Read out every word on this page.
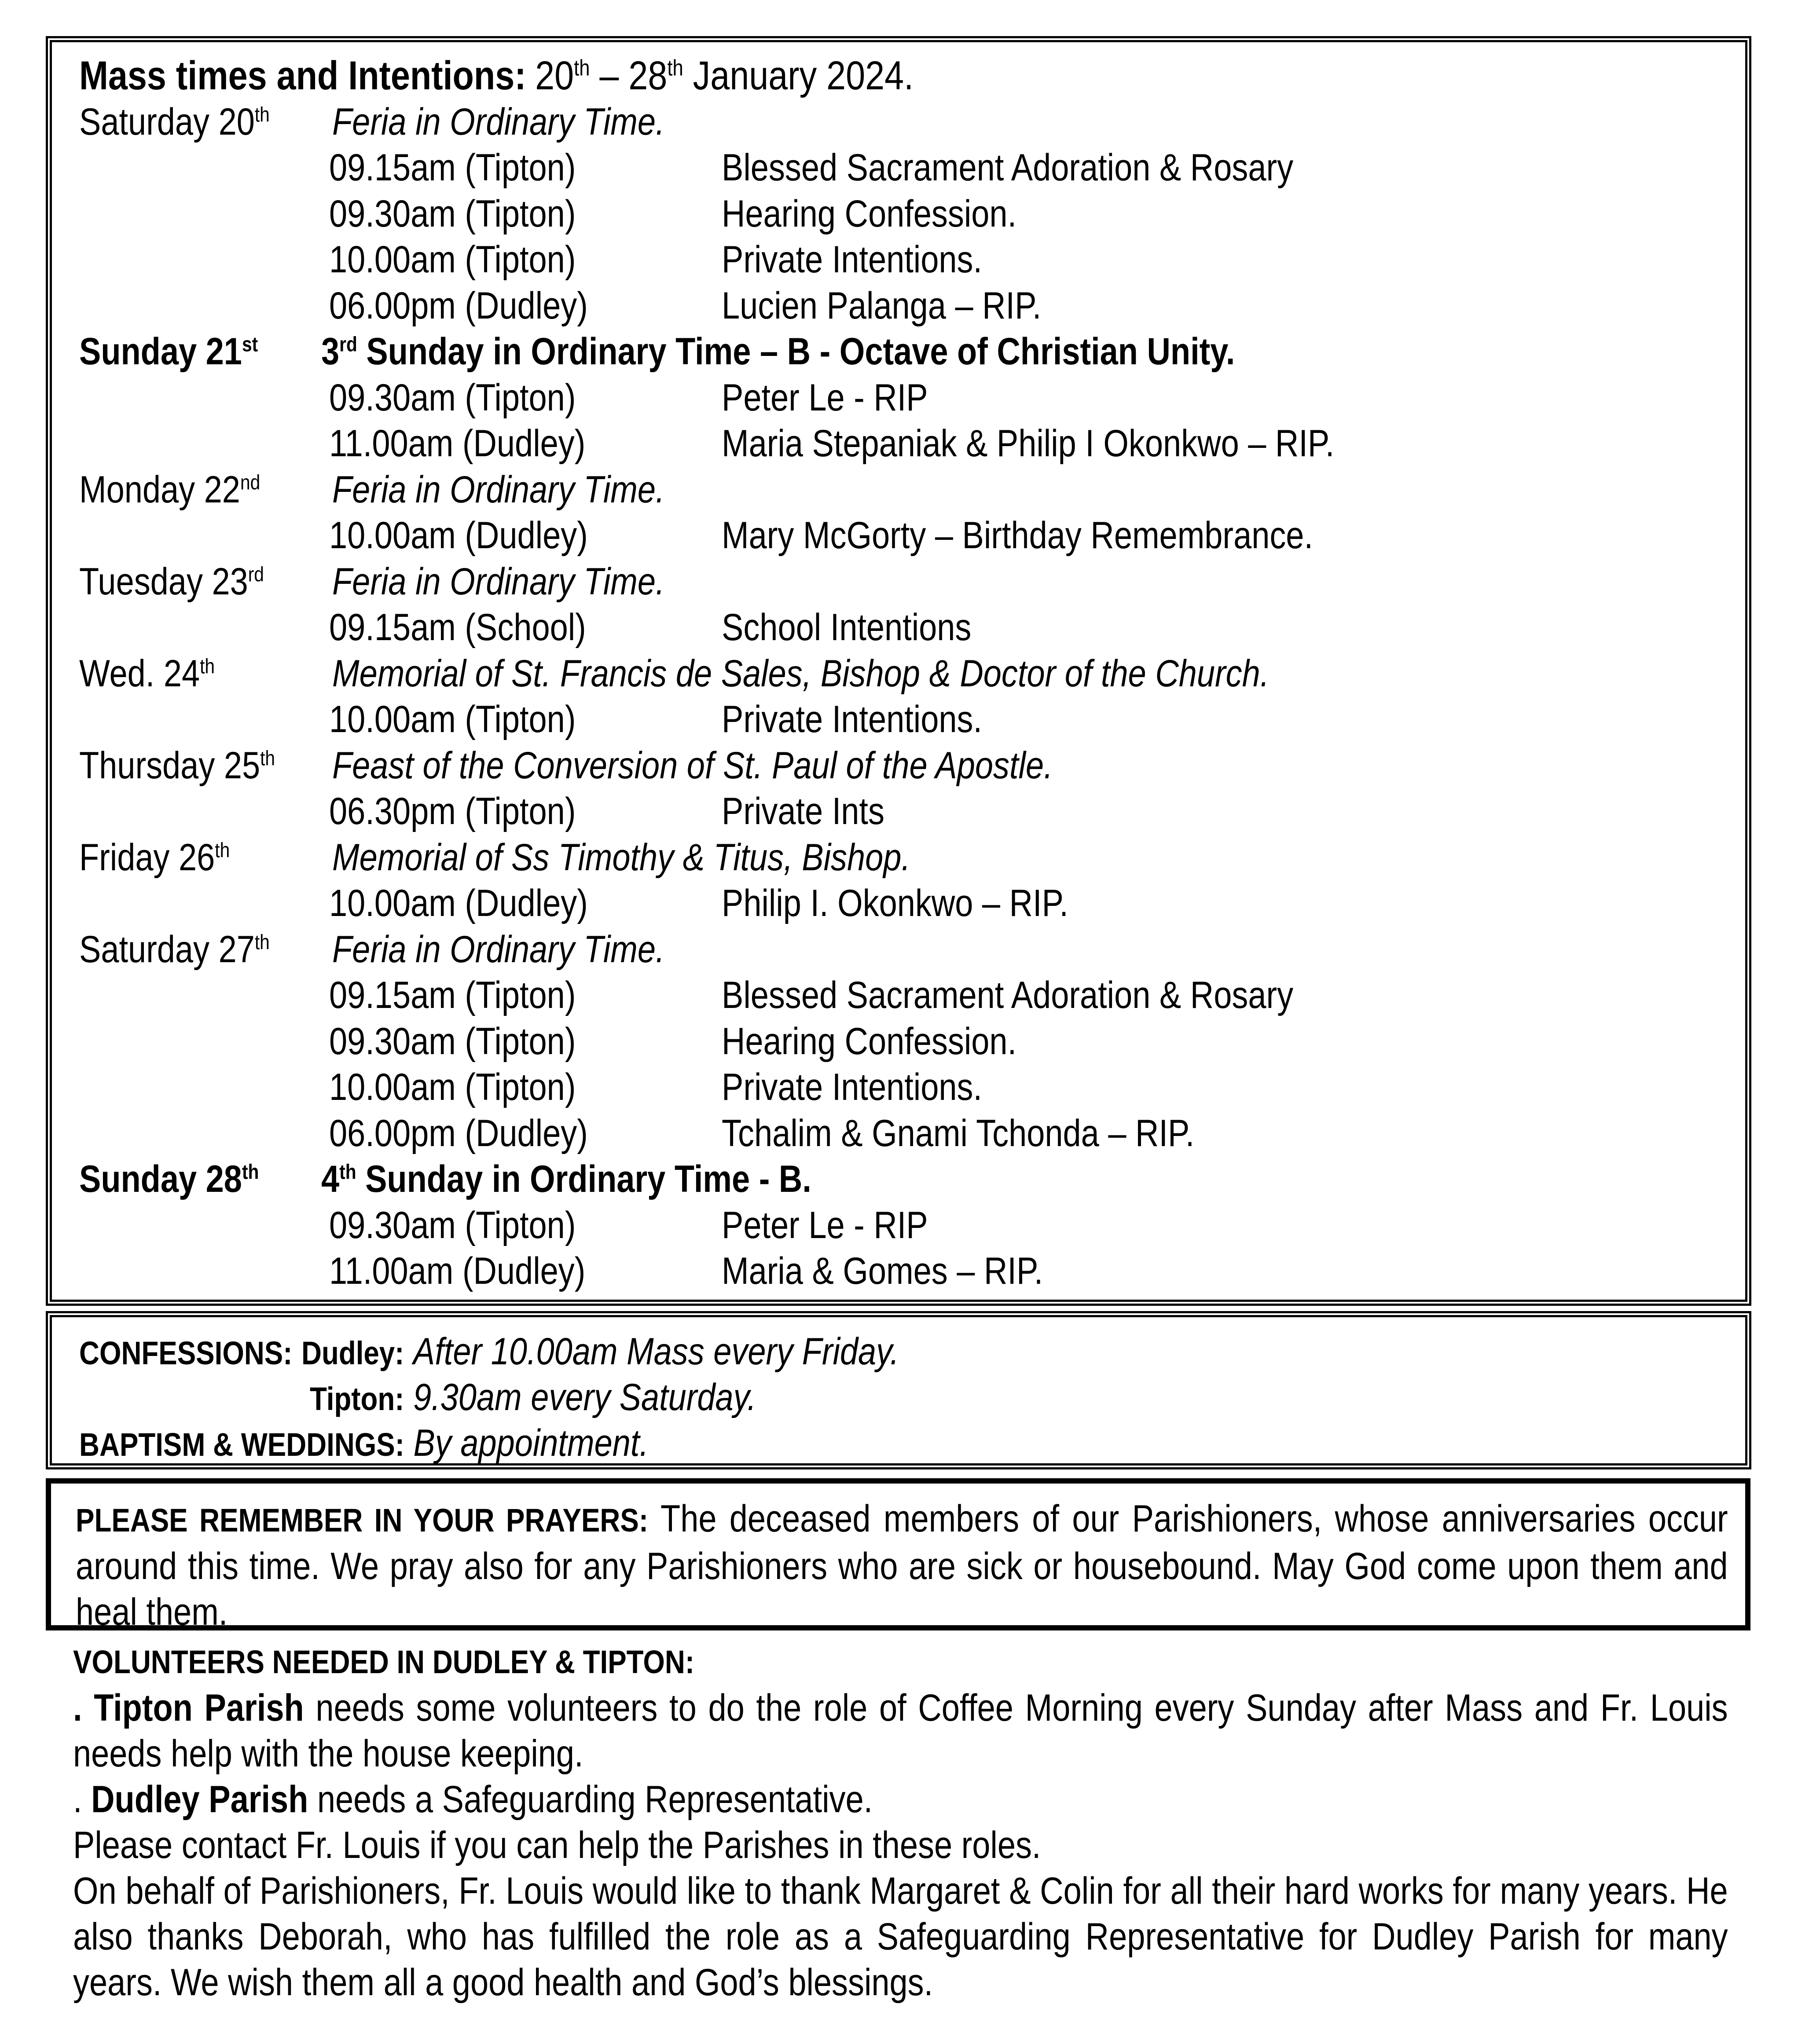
Mass times and Intentions: 20th – 28th January 2024.
Saturday 20th	Feria in Ordinary Time.
09.15am (Tipton)	Blessed Sacrament Adoration & Rosary
09.30am (Tipton)	Hearing Confession.
10.00am (Tipton)	Private Intentions.
06.00pm (Dudley)	Lucien Palanga – RIP.
Sunday 21st	3rd Sunday in Ordinary Time – B - Octave of Christian Unity.
09.30am (Tipton)	Peter Le - RIP
11.00am (Dudley)	Maria Stepaniak & Philip I Okonkwo – RIP.
Monday 22nd	Feria in Ordinary Time.
10.00am (Dudley)	Mary McGorty – Birthday Remembrance.
Tuesday 23rd	Feria in Ordinary Time.
09.15am (School)	School Intentions
Wed. 24th	Memorial of St. Francis de Sales, Bishop & Doctor of the Church.
10.00am (Tipton)	Private Intentions.
Thursday 25th	Feast of the Conversion of St. Paul of the Apostle.
06.30pm (Tipton)	Private Ints
Friday 26th	Memorial of Ss Timothy & Titus, Bishop.
10.00am (Dudley)	Philip I. Okonkwo – RIP.
Saturday 27th	Feria in Ordinary Time.
09.15am (Tipton)	Blessed Sacrament Adoration & Rosary
09.30am (Tipton)	Hearing Confession.
10.00am (Tipton)	Private Intentions.
06.00pm (Dudley)	Tchalim & Gnami Tchonda – RIP.
Sunday 28th	4th Sunday in Ordinary Time - B.
09.30am (Tipton)	Peter Le - RIP
11.00am (Dudley)	Maria & Gomes – RIP.
CONFESSIONS: Dudley: After 10.00am Mass every Friday.
Tipton: 9.30am every Saturday.
BAPTISM & WEDDINGS: By appointment.
PLEASE REMEMBER IN YOUR PRAYERS: The deceased members of our Parishioners, whose anniversaries occur around this time. We pray also for any Parishioners who are sick or housebound. May God come upon them and heal them.
VOLUNTEERS NEEDED IN DUDLEY & TIPTON:
. Tipton Parish needs some volunteers to do the role of Coffee Morning every Sunday after Mass and Fr. Louis needs help with the house keeping.
. Dudley Parish needs a Safeguarding Representative.
Please contact Fr. Louis if you can help the Parishes in these roles.
On behalf of Parishioners, Fr. Louis would like to thank Margaret & Colin for all their hard works for many years. He also thanks Deborah, who has fulfilled the role as a Safeguarding Representative for Dudley Parish for many years. We wish them all a good health and God’s blessings.
